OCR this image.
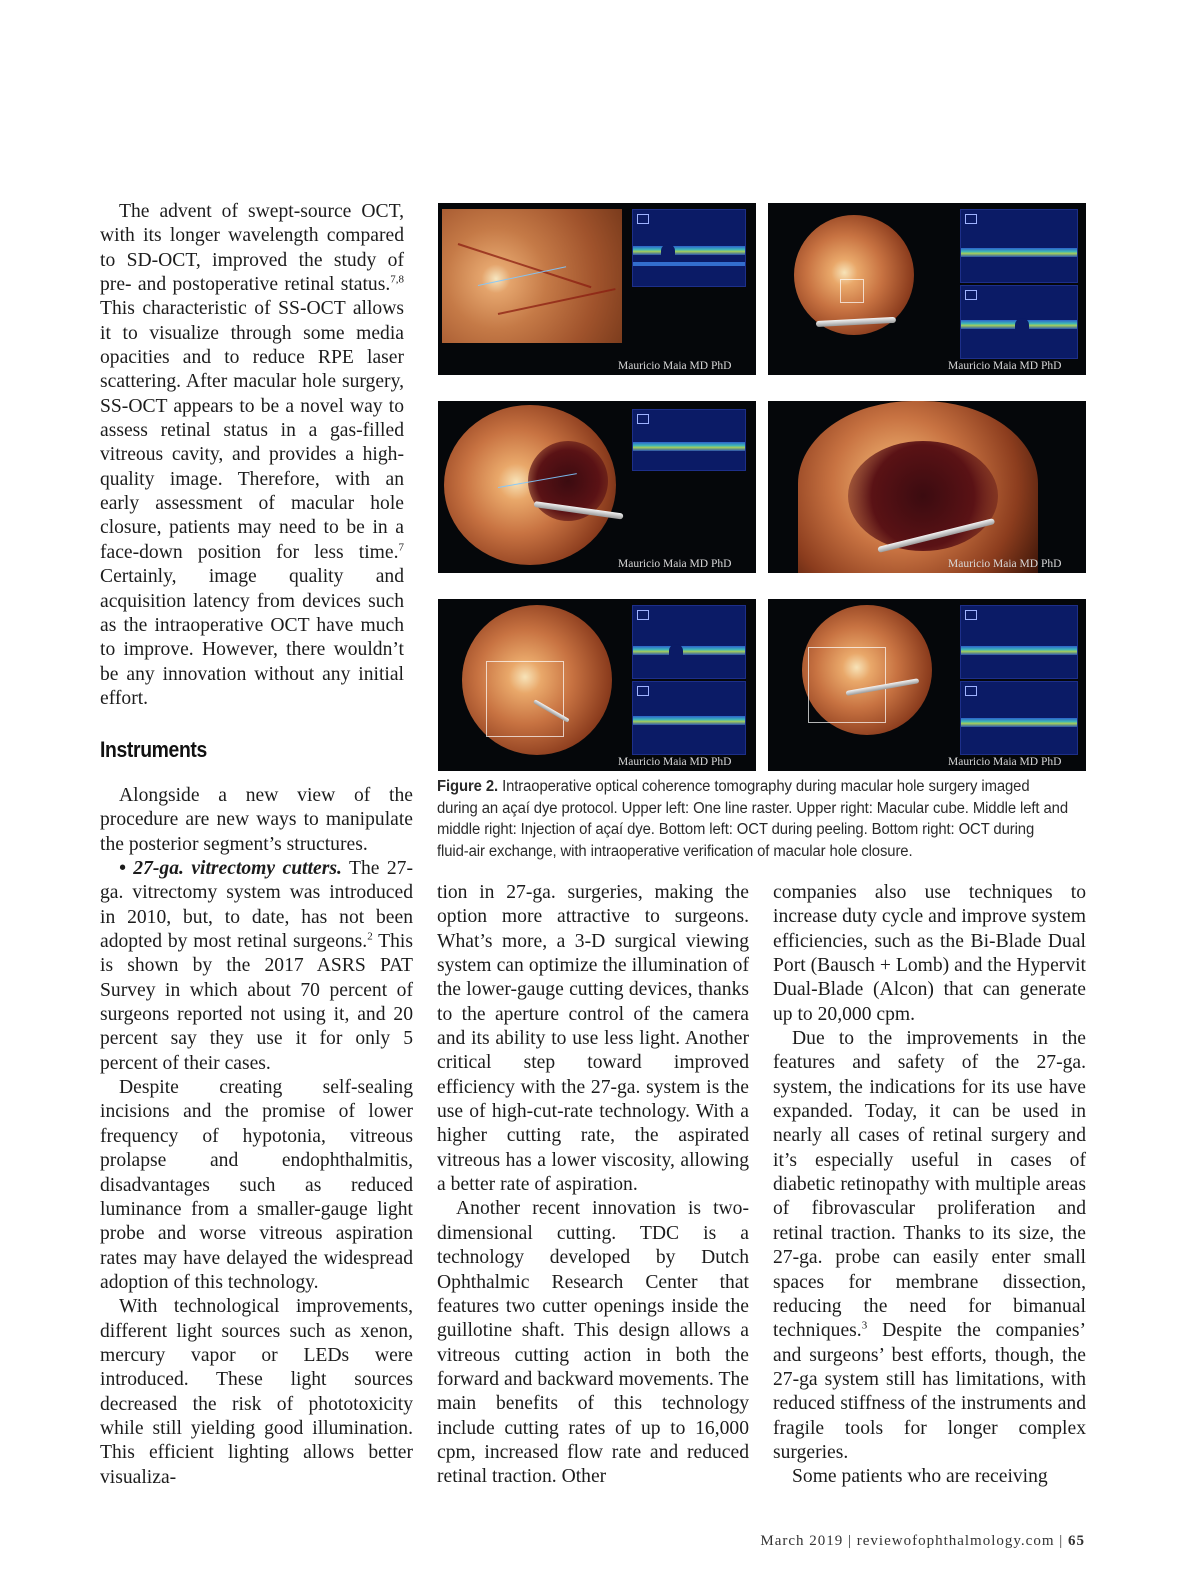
The advent of swept-source OCT, with its longer wavelength compared to SD-OCT, improved the study of pre- and postoperative retinal status.$^{7,8}$ This characteristic of SS-OCT allows it to visualize through some media opacities and to reduce RPE laser scattering. After macular hole surgery, SS-OCT appears to be a novel way to assess retinal status in a gas-filled vitreous cavity, and provides a high-quality image. Therefore, with an early assessment of macular hole closure, patients may need to be in a face-down position for less time.$^7$ Certainly, image quality and acquisition latency from devices such as the intraoperative OCT have much to improve. However, there wouldn’t be any innovation without any initial effort.

Instruments

Alongside a new view of the procedure are new ways to manipulate the posterior segment’s structures.

• 27-ga. vitrectomy cutters. The 27-ga. vitrectomy system was introduced in 2010, but, to date, has not been adopted by most retinal surgeons.$^2$ This is shown by the 2017 ASRS PAT Survey in which about 70 percent of surgeons reported not using it, and 20 percent say they use it for only 5 percent of their cases.

Despite creating self-sealing incisions and the promise of lower frequency of hypotonia, vitreous prolapse and endophthalmitis, disadvantages such as reduced luminance from a smaller-gauge light probe and worse vitreous aspiration rates may have delayed the widespread adoption of this technology.

With technological improvements, different light sources such as xenon, mercury vapor or LEDs were introduced. These light sources decreased the risk of phototoxicity while still yielding good illumination. This efficient lighting allows better visualiza-

Mauricio Maia MD PhD	Mauricio Maia MD PhD
Mauricio Maia MD PhD	Mauricio Maia MD PhD
Mauricio Maia MD PhD	Mauricio Maia MD PhD

Figure 2. Intraoperative optical coherence tomography during macular hole surgery imaged during an açaí dye protocol. Upper left: One line raster. Upper right: Macular cube. Middle left and middle right: Injection of açaí dye. Bottom left: OCT during peeling. Bottom right: OCT during fluid-air exchange, with intraoperative verification of macular hole closure.

tion in 27-ga. surgeries, making the option more attractive to surgeons. What’s more, a 3-D surgical viewing system can optimize the illumination of the lower-gauge cutting devices, thanks to the aperture control of the camera and its ability to use less light. Another critical step toward improved efficiency with the 27-ga. system is the use of high-cut-rate technology. With a higher cutting rate, the aspirated vitreous has a lower viscosity, allowing a better rate of aspiration.

Another recent innovation is two-dimensional cutting. TDC is a technology developed by Dutch Ophthalmic Research Center that features two cutter openings inside the guillotine shaft. This design allows a vitreous cutting action in both the forward and backward movements. The main benefits of this technology include cutting rates of up to 16,000 cpm, increased flow rate and reduced retinal traction. Other

companies also use techniques to increase duty cycle and improve system efficiencies, such as the Bi-Blade Dual Port (Bausch + Lomb) and the Hypervit Dual-Blade (Alcon) that can generate up to 20,000 cpm.

Due to the improvements in the features and safety of the 27-ga. system, the indications for its use have expanded. Today, it can be used in nearly all cases of retinal surgery and it’s especially useful in cases of diabetic retinopathy with multiple areas of fibrovascular proliferation and retinal traction. Thanks to its size, the 27-ga. probe can easily enter small spaces for membrane dissection, reducing the need for bimanual techniques.$^3$ Despite the companies’ and surgeons’ best efforts, though, the 27-ga system still has limitations, with reduced stiffness of the instruments and fragile tools for longer complex surgeries.

Some patients who are receiving

March 2019 | reviewofophthalmology.com | 65
